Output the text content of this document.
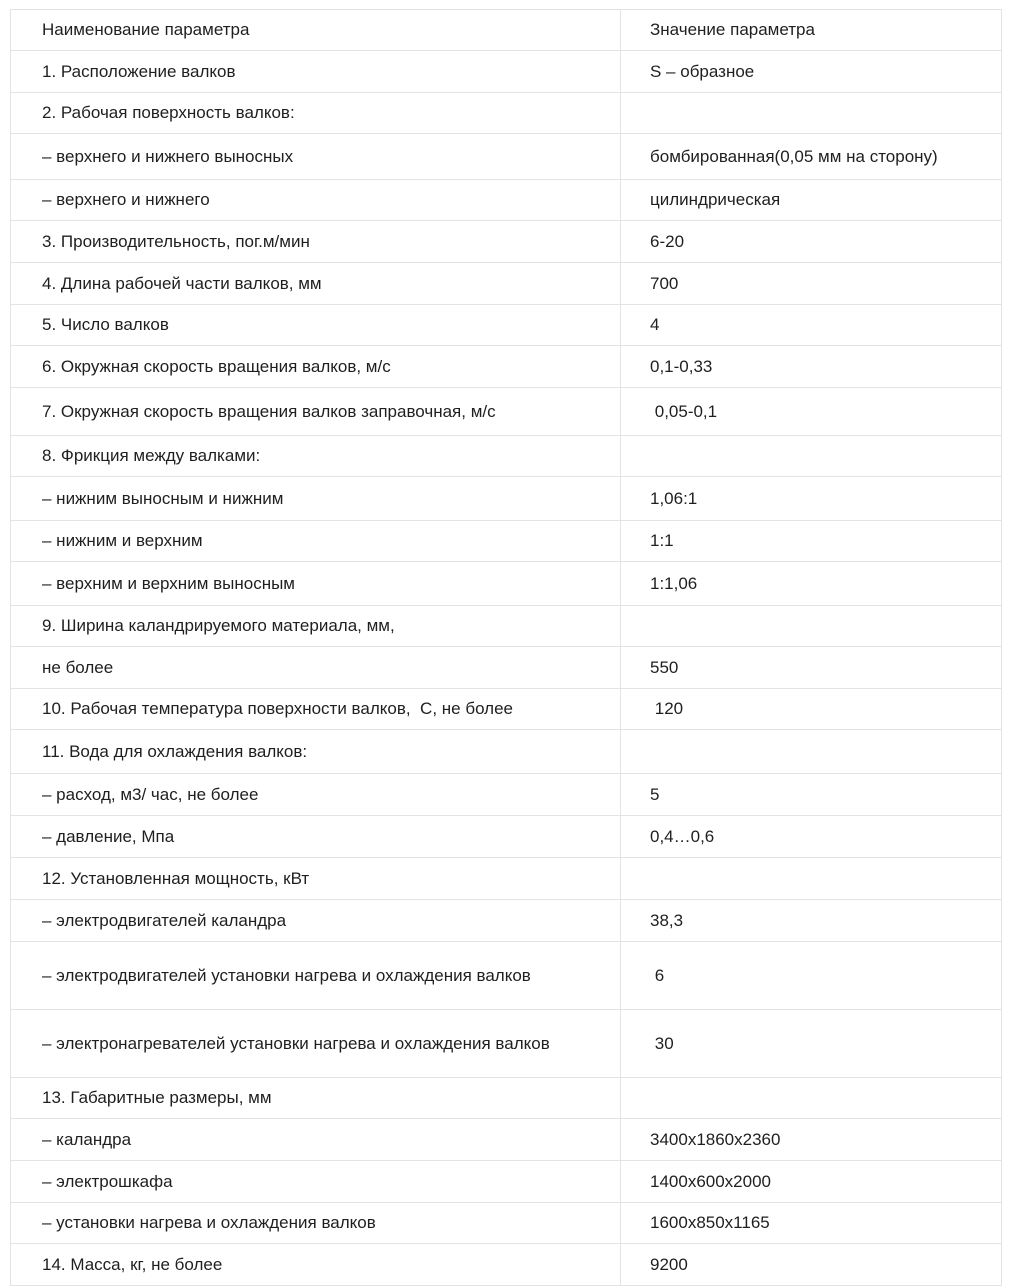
Наименование параметра	Значение параметра
1. Расположение валков	S – образное
2. Рабочая поверхность валков:	
– верхнего и нижнего выносных	бомбированная(0,05 мм на сторону)
– верхнего и нижнего	цилиндрическая
3. Производительность, пог.м/мин	6-20
4. Длина рабочей части валков, мм	700
5. Число валков	4
6. Окружная скорость вращения валков, м/с	0,1-0,33
7. Окружная скорость вращения валков заправочная, м/с	0,05-0,1
8. Фрикция между валками:	
– нижним выносным и нижним	1,06:1
– нижним и верхним	1:1
– верхним и верхним выносным	1:1,06
9. Ширина каландрируемого материала, мм,	
не более	550
10. Рабочая температура поверхности валков,  С, не более	120
11. Вода для охлаждения валков:	
– расход, м3/ час, не более	5
– давление, Мпа	0,4…0,6
12. Установленная мощность, кВт	
– электродвигателей каландра	38,3
– электродвигателей установки нагрева и охлаждения валков	6
– электронагревателей установки нагрева и охлаждения валков	30
13. Габаритные размеры, мм	
– каландра	3400х1860х2360
– электрошкафа	1400х600х2000
– установки нагрева и охлаждения валков	1600х850х1165
14. Масса, кг, не более	9200
